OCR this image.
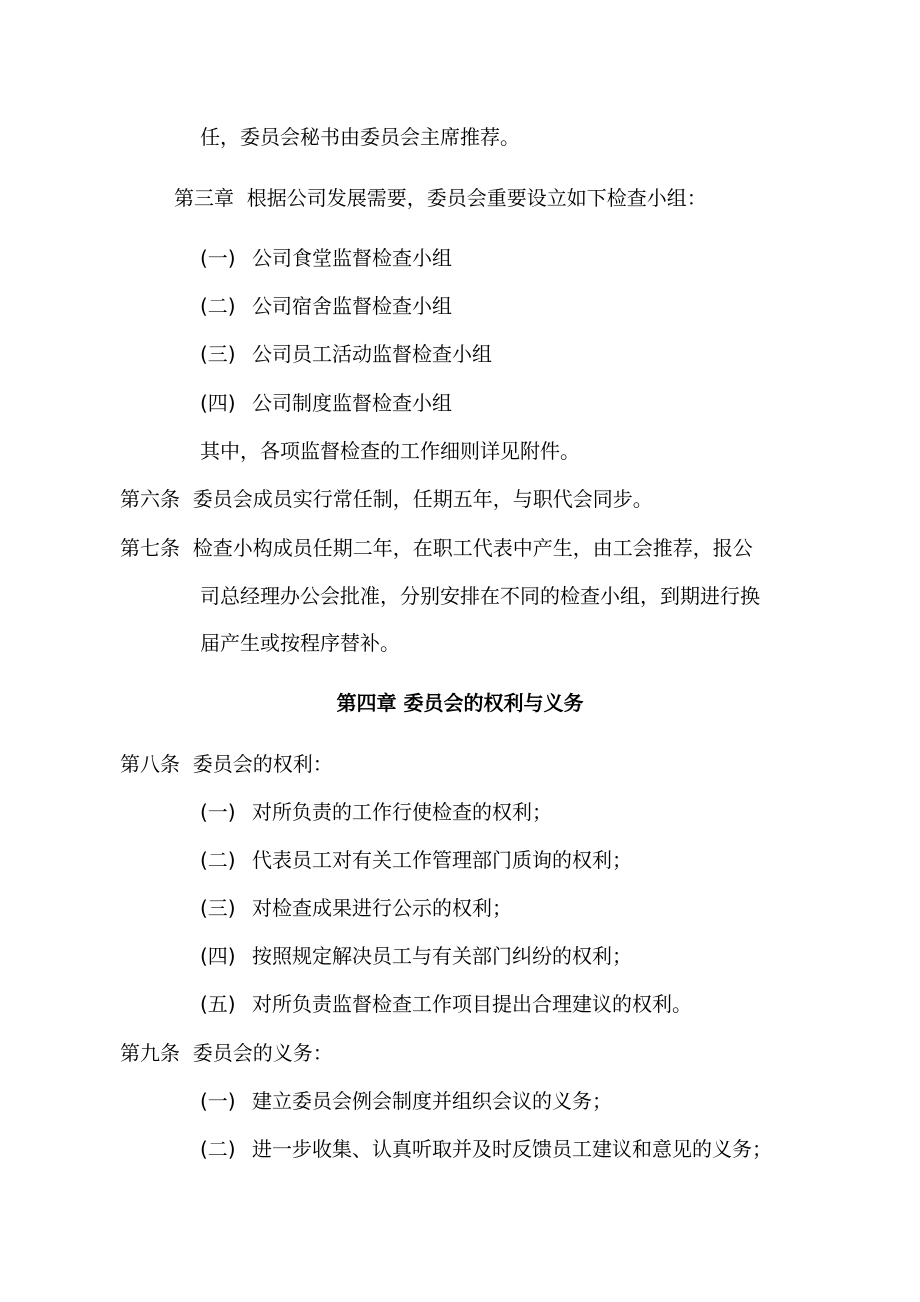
任，委员会秘书由委员会主席推荐。
第三章 根据公司发展需要，委员会重要设立如下检查小组：
(一) 公司食堂监督检查小组
(二) 公司宿舍监督检查小组
(三) 公司员工活动监督检查小组
(四) 公司制度监督检查小组
其中，各项监督检查的工作细则详见附件。
第六条 委员会成员实行常任制，任期五年，与职代会同步。
第七条 检查小构成员任期二年，在职工代表中产生，由工会推荐，报公
司总经理办公会批准，分别安排在不同的检查小组，到期进行换
届产生或按程序替补。
第四章 委员会的权利与义务
第八条 委员会的权利：
(一) 对所负责的工作行使检查的权利；
(二) 代表员工对有关工作管理部门质询的权利；
(三) 对检查成果进行公示的权利；
(四) 按照规定解决员工与有关部门纠纷的权利；
(五) 对所负责监督检查工作项目提出合理建议的权利。
第九条 委员会的义务：
(一) 建立委员会例会制度并组织会议的义务；
(二) 进一步收集、认真听取并及时反馈员工建议和意见的义务；
